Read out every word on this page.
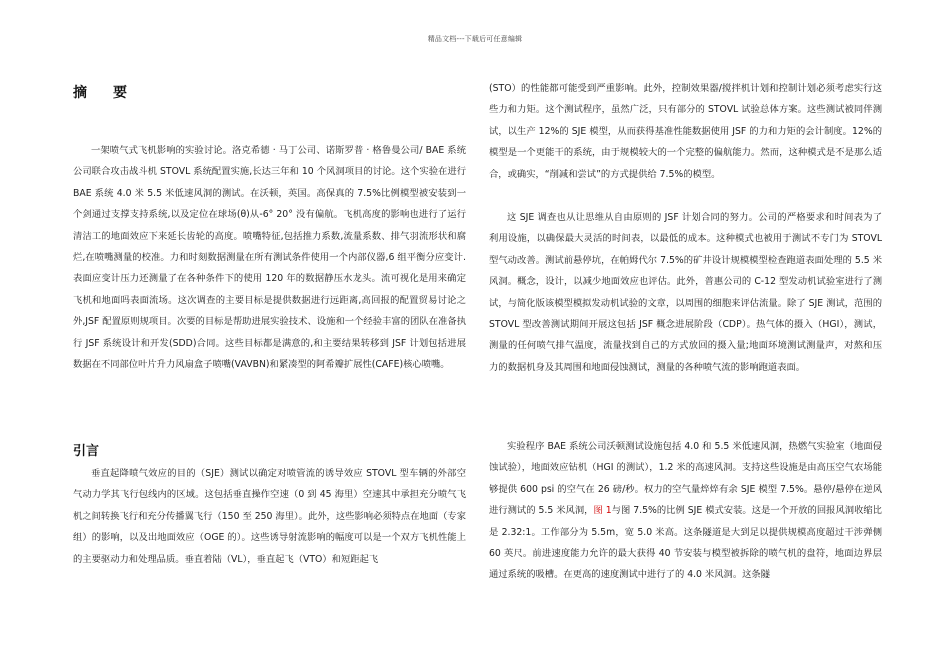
精品文档---下载后可任意编辑
摘要
一架喷气式飞机影响的实验讨论。洛克希德 · 马丁公司、诺斯罗普 · 格鲁曼公司/ BAE 系统公司联合攻击战斗机 STOVL 系统配置实施,长达三年和 10 个风洞项目的讨论。这个实验在进行 BAE 系统 4.0 米 5.5 米低速风洞的测试。在沃顿，英国。高保真的 7.5%比例模型被安装到一个剑通过支撑支持系统,以及定位在球场(θ)从-6° 20° 没有偏航。飞机高度的影响也进行了运行清洁工的地面效应下来延长齿轮的高度。喷嘴特征,包括推力系数,流量系数、排气羽流形状和腐烂,在喷嘴测量的校准。力和时刻数据测量在所有测试条件使用一个内部仪器,6 组平衡分应变计.表面应变计压力还测量了在各种条件下的使用 120 年的数据静压水龙头。流可视化是用来确定飞机和地面吗表面流场。这次调查的主要目标是提供数据进行远距离,高回报的配置贸易讨论之外,JSF 配置原则规项目。次要的目标是帮助进展实验技术、设施和一个经验丰富的团队在准备执行 JSF 系统设计和开发(SDD)合同。这些目标都是满意的,和主要结果转移到 JSF 计划包括进展数据在不同部位叶片升力风扇盒子喷嘴(VAVBN)和紧凑型的阿希瓣扩展性(CAFE)核心喷嘴。
引言
垂直起降喷气效应的目的（SJE）测试以确定对喷管流的诱导效应 STOVL 型车辆的外部空气动力学其飞行包线内的区域。这包括垂直操作空速（0 到 45 海里）空速其中承担充分喷气飞机之间转换飞行和充分传播翼飞行（150 至 250 海里）。此外，这些影响必须特点在地面（专家组）的影响，以及出地面效应（OGE 的）。这些诱导射流影响的幅度可以是一个双方飞机性能上的主要驱动力和处理品质。垂直着陆（VL），垂直起飞（VTO）和短距起飞
(STO）的性能都可能受到严重影响。此外，控制效果器/搅拌机计划和控制计划必须考虑实行这些力和力矩。这个测试程序，虽然广泛，只有部分的 STOVL 试验总体方案。这些测试被同伴测试，以生产 12%的 SJE 模型，从而获得基准性能数据使用 JSF 的力和力矩的会计制度。12%的模型是一个更能干的系统，由于规模较大的一个完整的偏航能力。然而，这种模式是不是那么适合，或确实，“削减和尝试”的方式提供给 7.5%的模型。
这 SJE 调查也从让思维从自由原则的 JSF 计划合同的努力。公司的严格要求和时间表为了利用设施，以确保最大灵活的时间表，以最低的成本。这种模式也被用于测试不专门为 STOVL 型气动改善。测试前悬停坑，在帕姆代尔 7.5%的矿井设计规模模型检查跑道表面处理的 5.5 米风洞。概念，设计，以减少地面效应也评估。此外，普惠公司的 C-12 型发动机试验室进行了测试，与简化版该模型模拟发动机试验的文章，以周围的细胞来评估流量。除了 SJE 测试，范围的 STOVL 型改善测试期间开展这包括 JSF 概念进展阶段（CDP）。热气体的摄入（HGI），测试，测量的任何喷气排气温度，流量找到自己的方式放回的摄入量;地面环境测试测量声，对熬和压力的数据机身及其周围和地面侵蚀测试，测量的各种喷气流的影响跑道表面。
实验程序 BAE 系统公司沃顿测试设施包括 4.0 和 5.5 米低速风洞，热燃气实验室（地面侵蚀试验），地面效应钻机（HGI 的测试），1.2 米的高速风洞。支持这些设施是由高压空气农场能够提供 600 psi 的空气在 26 磅/秒。权力的空气量焠焠有余 SJE 模型 7.5%。悬停/悬停在逆风进行测试的 5.5 米风洞，图 1与图 7.5%的比例 SJE 模式安装。这是一个开放的回报风洞收缩比是 2.32:1。工作部分为 5.5m，宽 5.0 米高。这条隧道是大到足以提供规模高度超过干涉弹侧 60 英尺。前进速度能力允许的最大获得 40 节安装与模型被拆除的喷气机的盘符，地面边界层通过系统的吸槽。在更高的速度测试中进行了的 4.0 米风洞。这条隧
